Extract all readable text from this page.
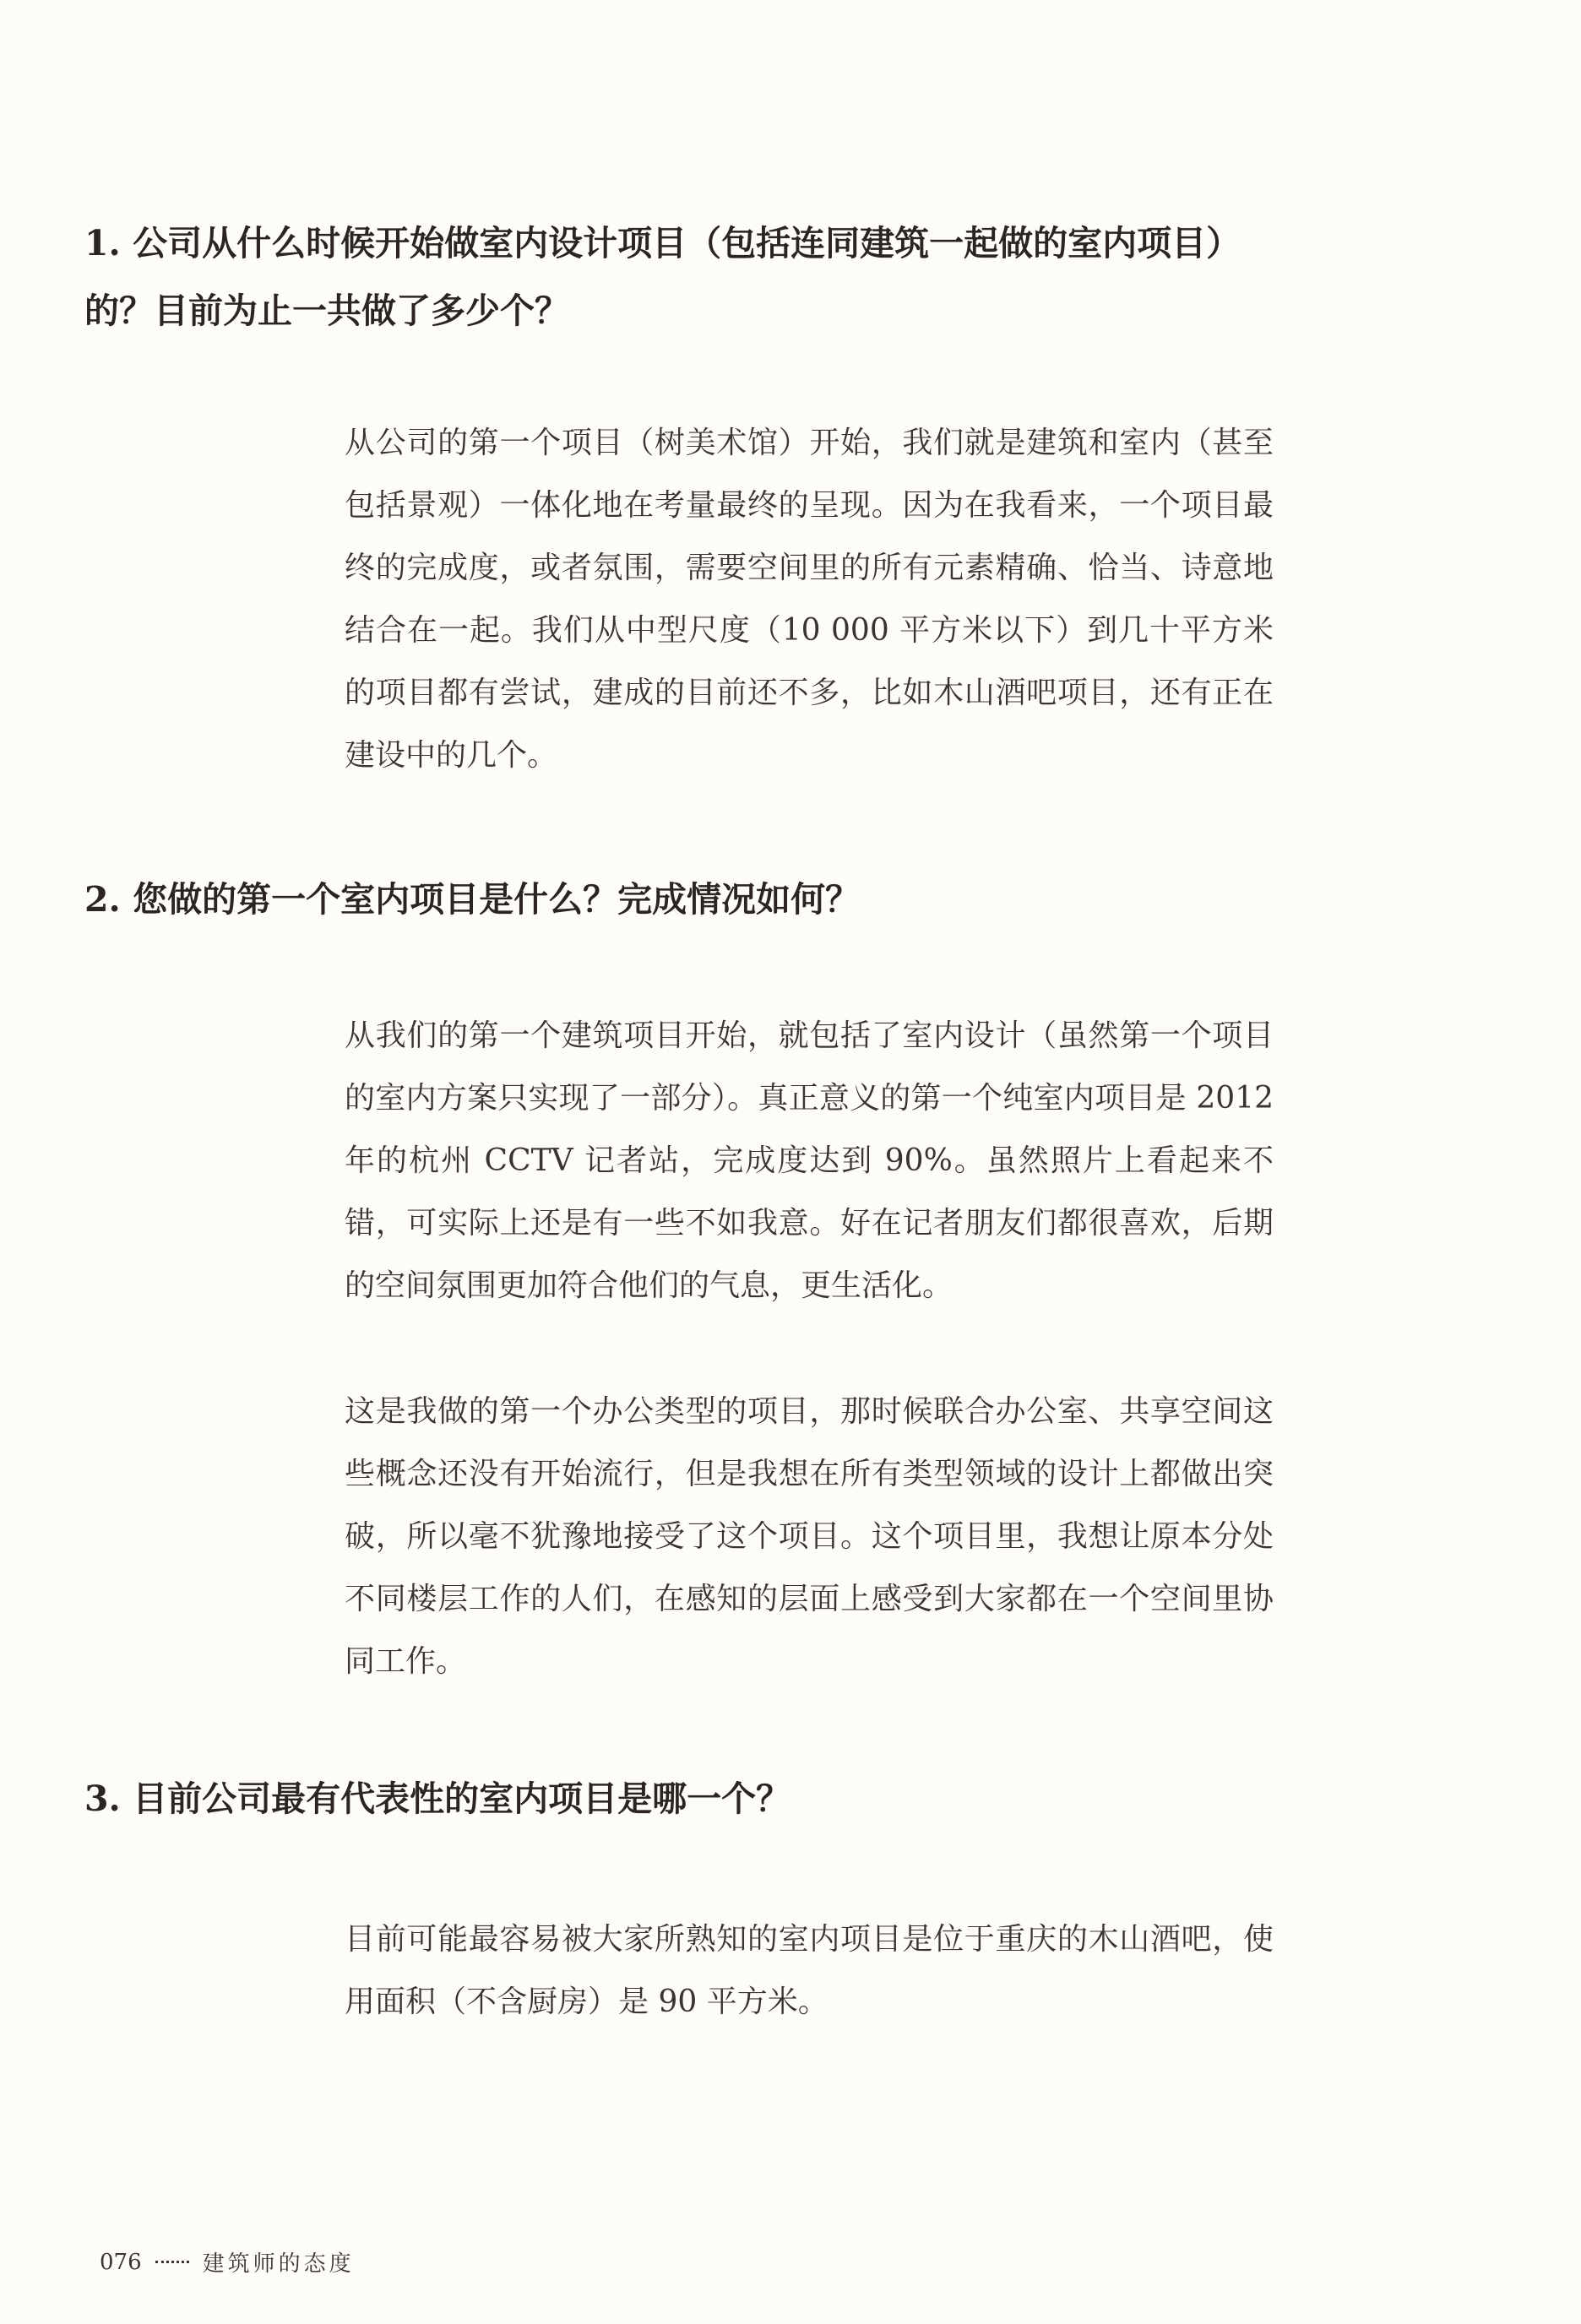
1. 公司从什么时候开始做室内设计项目（包括连同建筑一起做的室内项目）的？目前为止一共做了多少个？

从公司的第一个项目（树美术馆）开始，我们就是建筑和室内（甚至包括景观）一体化地在考量最终的呈现。因为在我看来，一个项目最终的完成度，或者氛围，需要空间里的所有元素精确、恰当、诗意地结合在一起。我们从中型尺度（10 000 平方米以下）到几十平方米的项目都有尝试，建成的目前还不多，比如木山酒吧项目，还有正在建设中的几个。

2. 您做的第一个室内项目是什么？完成情况如何？

从我们的第一个建筑项目开始，就包括了室内设计（虽然第一个项目的室内方案只实现了一部分）。真正意义的第一个纯室内项目是 2012 年的杭州 CCTV 记者站，完成度达到 90%。虽然照片上看起来不错，可实际上还是有一些不如我意。好在记者朋友们都很喜欢，后期的空间氛围更加符合他们的气息，更生活化。

这是我做的第一个办公类型的项目，那时候联合办公室、共享空间这些概念还没有开始流行，但是我想在所有类型领域的设计上都做出突破，所以毫不犹豫地接受了这个项目。这个项目里，我想让原本分处不同楼层工作的人们，在感知的层面上感受到大家都在一个空间里协同工作。

3. 目前公司最有代表性的室内项目是哪一个？

目前可能最容易被大家所熟知的室内项目是位于重庆的木山酒吧，使用面积（不含厨房）是 90 平方米。

076	建筑师的态度
